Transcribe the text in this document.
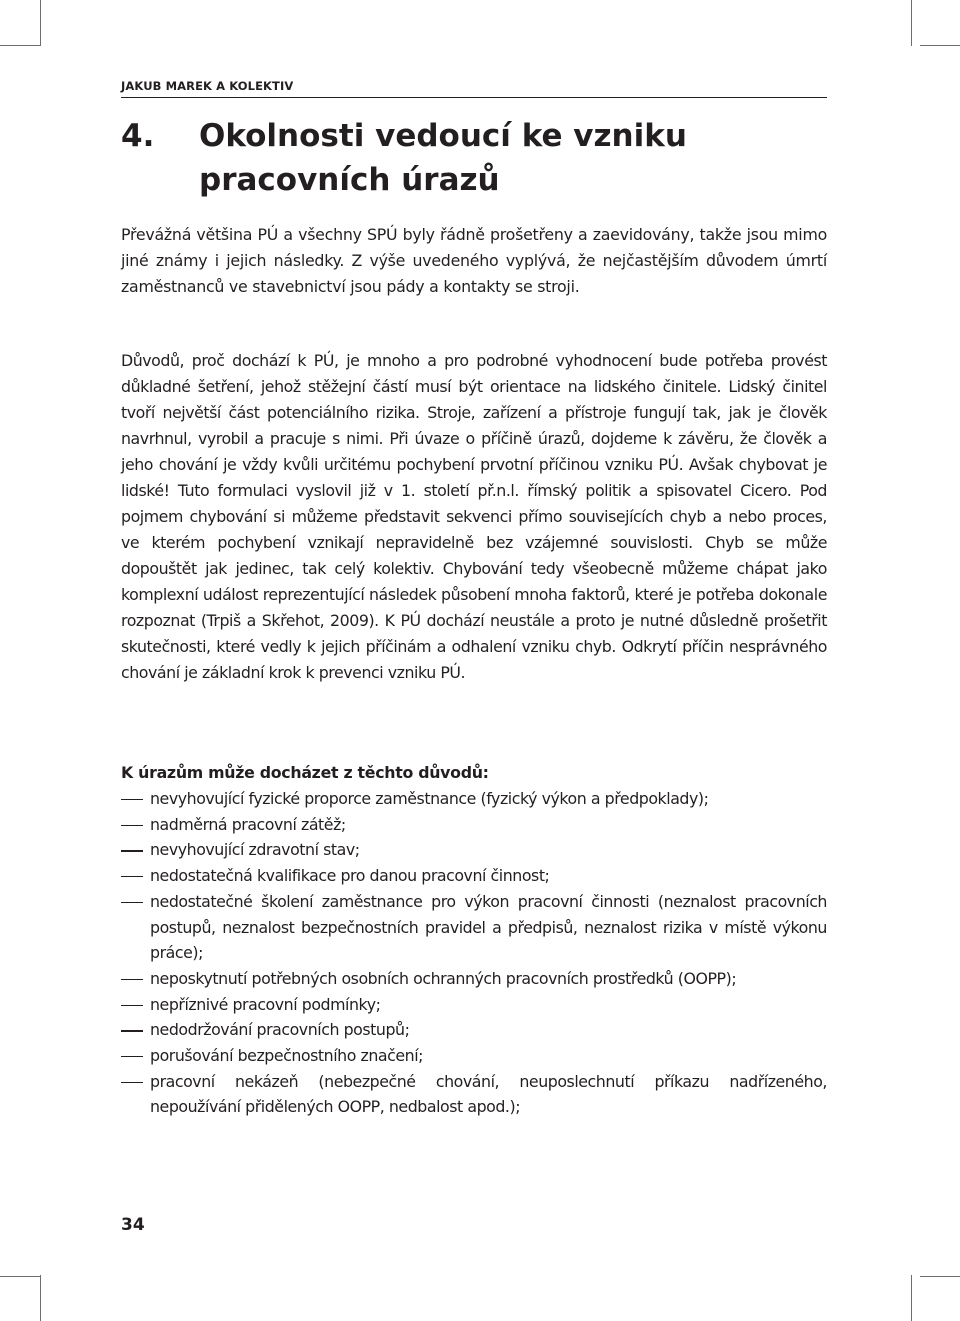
JAKUB MAREK A KOLEKTIV
4. Okolnosti vedoucí ke vzniku pracovních úrazů

Převážná většina PÚ a všechny SPÚ byly řádně prošetřeny a zaevidovány, takže jsou mimo jiné známy i jejich následky. Z výše uvedeného vyplývá, že nejčastějším důvodem úmrtí zaměstnanců ve stavebnictví jsou pády a kontakty se stroji.

Důvodů, proč dochází k PÚ, je mnoho a pro podrobné vyhodnocení bude potřeba provést důkladné šetření, jehož stěžejní částí musí být orientace na lidského činitele. Lidský činitel tvoří největší část potenciálního rizika. Stroje, zařízení a přístroje fungují tak, jak je člověk navrhnul, vyrobil a pracuje s nimi. Při úvaze o příčině úrazů, dojdeme k závěru, že člověk a jeho chování je vždy kvůli určitému pochybení prvotní příčinou vzniku PÚ. Avšak chybovat je lidské! Tuto formulaci vyslovil již v 1. století př.n.l. římský politik a spisovatel Cicero. Pod pojmem chybování si můžeme představit sekvenci přímo souvisejících chyb a nebo proces, ve kterém pochybení vznikají nepravidelně bez vzájemné souvislosti. Chyb se může dopouštět jak jedinec, tak celý kolektiv. Chybování tedy všeobecně můžeme chápat jako komplexní událost reprezentující následek působení mnoha faktorů, které je potřeba dokonale rozpoznat (Trpiš a Skřehot, 2009). K PÚ dochází neustále a proto je nutné důsledně prošetřit skutečnosti, které vedly k jejich příčinám a odhalení vzniku chyb. Odkrytí příčin nesprávného chování je základní krok k prevenci vzniku PÚ.

K úrazům může docházet z těchto důvodů:
nevyhovující fyzické proporce zaměstnance (fyzický výkon a předpoklady);
nadměrná pracovní zátěž;
nevyhovující zdravotní stav;
nedostatečná kvalifikace pro danou pracovní činnost;
nedostatečné školení zaměstnance pro výkon pracovní činnosti (neznalost pracovních postupů, neznalost bezpečnostních pravidel a předpisů, neznalost rizika v místě výkonu práce);
neposkytnutí potřebných osobních ochranných pracovních prostředků (OOPP);
nepříznivé pracovní podmínky;
nedodržování pracovních postupů;
porušování bezpečnostního značení;
pracovní nekázeň (nebezpečné chování, neuposlechnutí příkazu nadřízeného, nepoužívání přidělených OOPP, nedbalost apod.);
34
